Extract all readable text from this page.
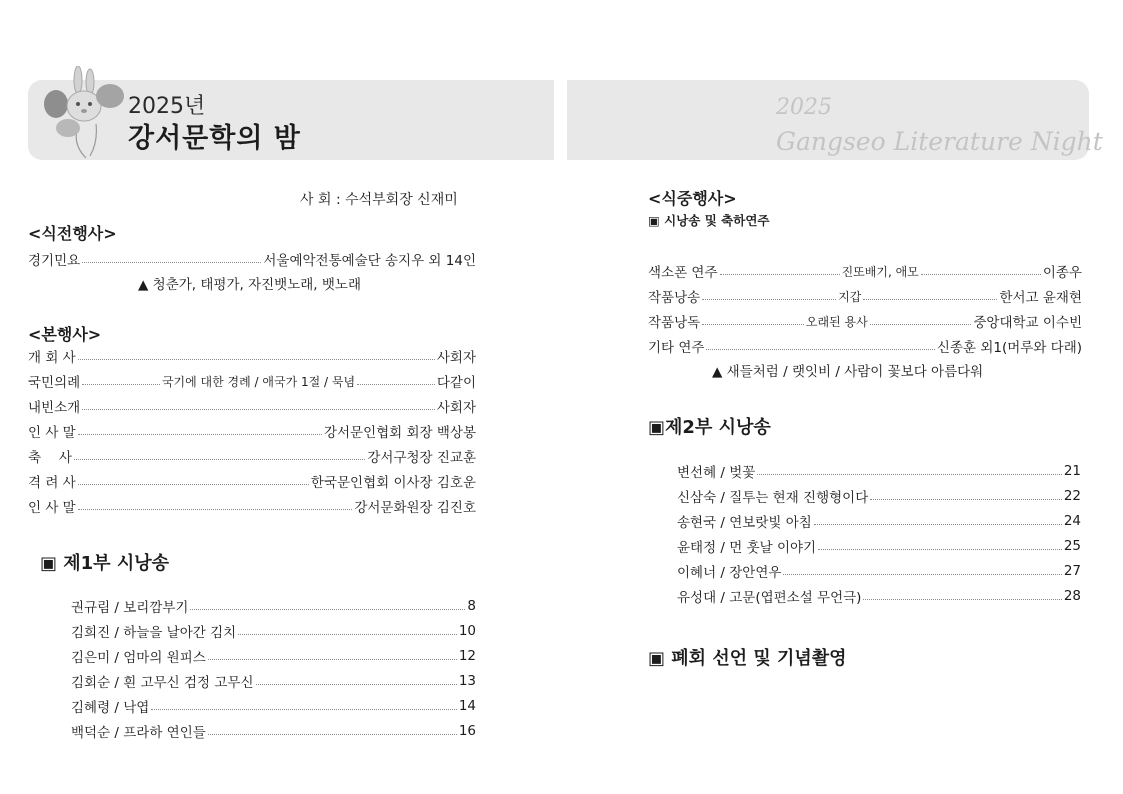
2025년
강서문학의 밤
2025
Gangseo Literature Night
사 회 : 수석부회장 신재미
<식전행사>
경기민요	서울예악전통예술단 송지우 외 14인
▲ 청춘가, 태평가, 자진뱃노래, 뱃노래
<본행사>
개 회 사	사회자
국민의례	국기에 대한 경례 / 애국가 1절 / 묵념	다같이
내빈소개	사회자
인 사 말	강서문인협회 회장 백상봉
축　 사	강서구청장 진교훈
격 려 사	한국문인협회 이사장 김호운
인 사 말	강서문화원장 김진호
▣ 제1부 시낭송
권규림 / 보리깜부기	8
김희진 / 하늘을 날아간 김치	10
김은미 / 엄마의 원피스	12
김회순 / 흰 고무신 검정 고무신	13
김혜령 / 낙엽	14
백덕순 / 프라하 연인들	16
<식중행사>
▣ 시낭송 및 축하연주
색소폰 연주	진또배기, 애모	이종우
작품낭송	지갑	한서고 윤재현
작품낭독	오래된 용사	중앙대학교 이수빈
기타 연주	신종훈 외1(머루와 다래)
▲ 새들처럼 / 랫잇비 / 사람이 꽃보다 아름다워
▣제2부 시낭송
변선혜 / 벚꽃	21
신삼숙 / 질투는 현재 진행형이다	22
송현국 / 연보랏빛 아침	24
윤태정 / 먼 훗날 이야기	25
이혜너 / 장안연우	27
유성대 / 고문(엽편소설 무언극)	28
▣ 폐회 선언 및 기념촬영
